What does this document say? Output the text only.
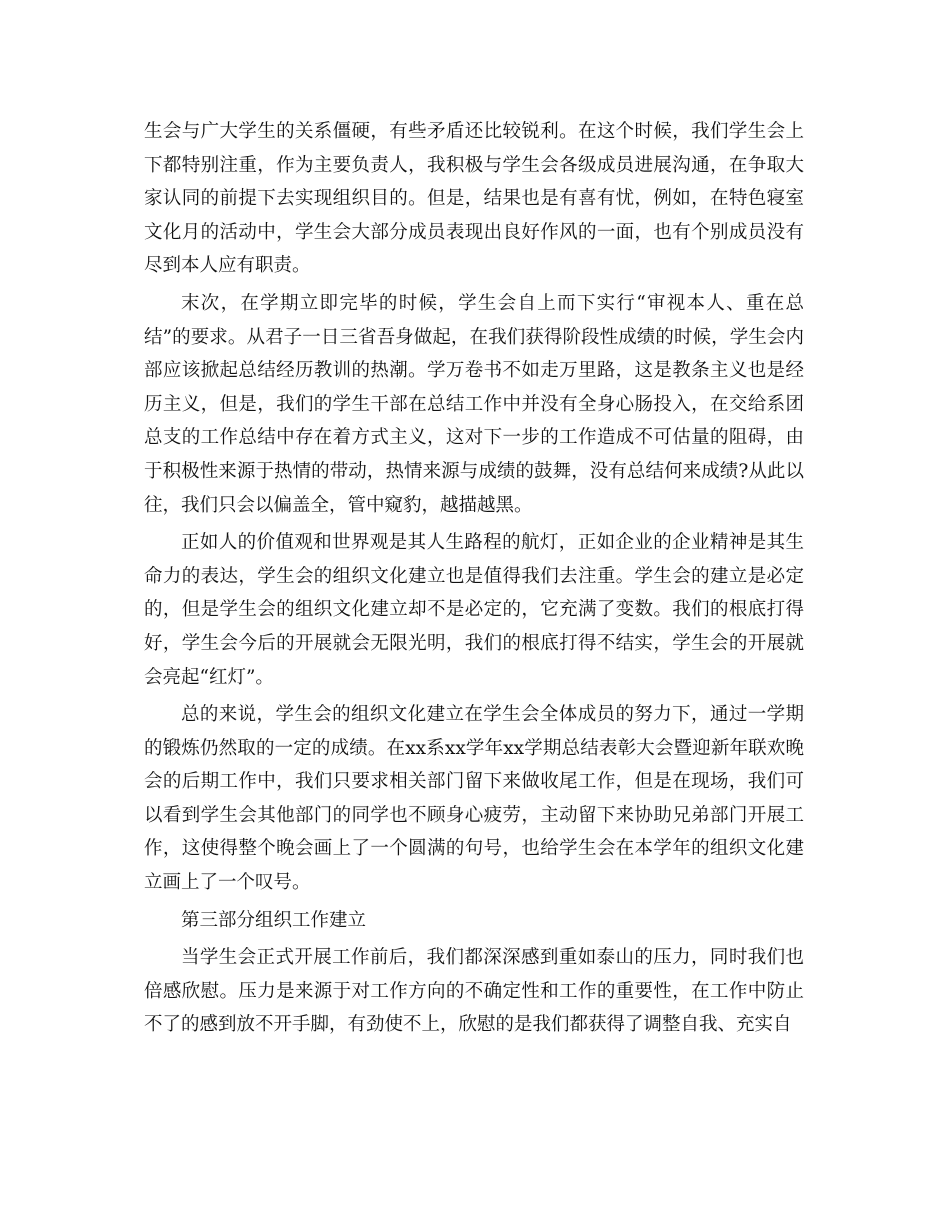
生会与广大学生的关系僵硬，有些矛盾还比较锐利。在这个时候，我们学生会上下都特别注重，作为主要负责人，我积极与学生会各级成员进展沟通，在争取大家认同的前提下去实现组织目的。但是，结果也是有喜有忧，例如，在特色寝室文化月的活动中，学生会大部分成员表现出良好作风的一面，也有个别成员没有尽到本人应有职责。

末次，在学期立即完毕的时候，学生会自上而下实行“审视本人、重在总结”的要求。从君子一日三省吾身做起，在我们获得阶段性成绩的时候，学生会内部应该掀起总结经历教训的热潮。学万卷书不如走万里路，这是教条主义也是经历主义，但是，我们的学生干部在总结工作中并没有全身心肠投入，在交给系团总支的工作总结中存在着方式主义，这对下一步的工作造成不可估量的阻碍，由于积极性来源于热情的带动，热情来源与成绩的鼓舞，没有总结何来成绩?从此以往，我们只会以偏盖全，管中窥豹，越描越黑。

正如人的价值观和世界观是其人生路程的航灯，正如企业的企业精神是其生命力的表达，学生会的组织文化建立也是值得我们去注重。学生会的建立是必定的，但是学生会的组织文化建立却不是必定的，它充满了变数。我们的根底打得好，学生会今后的开展就会无限光明，我们的根底打得不结实，学生会的开展就会亮起“红灯”。

总的来说，学生会的组织文化建立在学生会全体成员的努力下，通过一学期的锻炼仍然取的一定的成绩。在xx系xx学年xx学期总结表彰大会暨迎新年联欢晚会的后期工作中，我们只要求相关部门留下来做收尾工作，但是在现场，我们可以看到学生会其他部门的同学也不顾身心疲劳，主动留下来协助兄弟部门开展工作，这使得整个晚会画上了一个圆满的句号，也给学生会在本学年的组织文化建立画上了一个叹号。

第三部分组织工作建立

当学生会正式开展工作前后，我们都深深感到重如泰山的压力，同时我们也倍感欣慰。压力是来源于对工作方向的不确定性和工作的重要性，在工作中防止不了的感到放不开手脚，有劲使不上，欣慰的是我们都获得了调整自我、充实自
